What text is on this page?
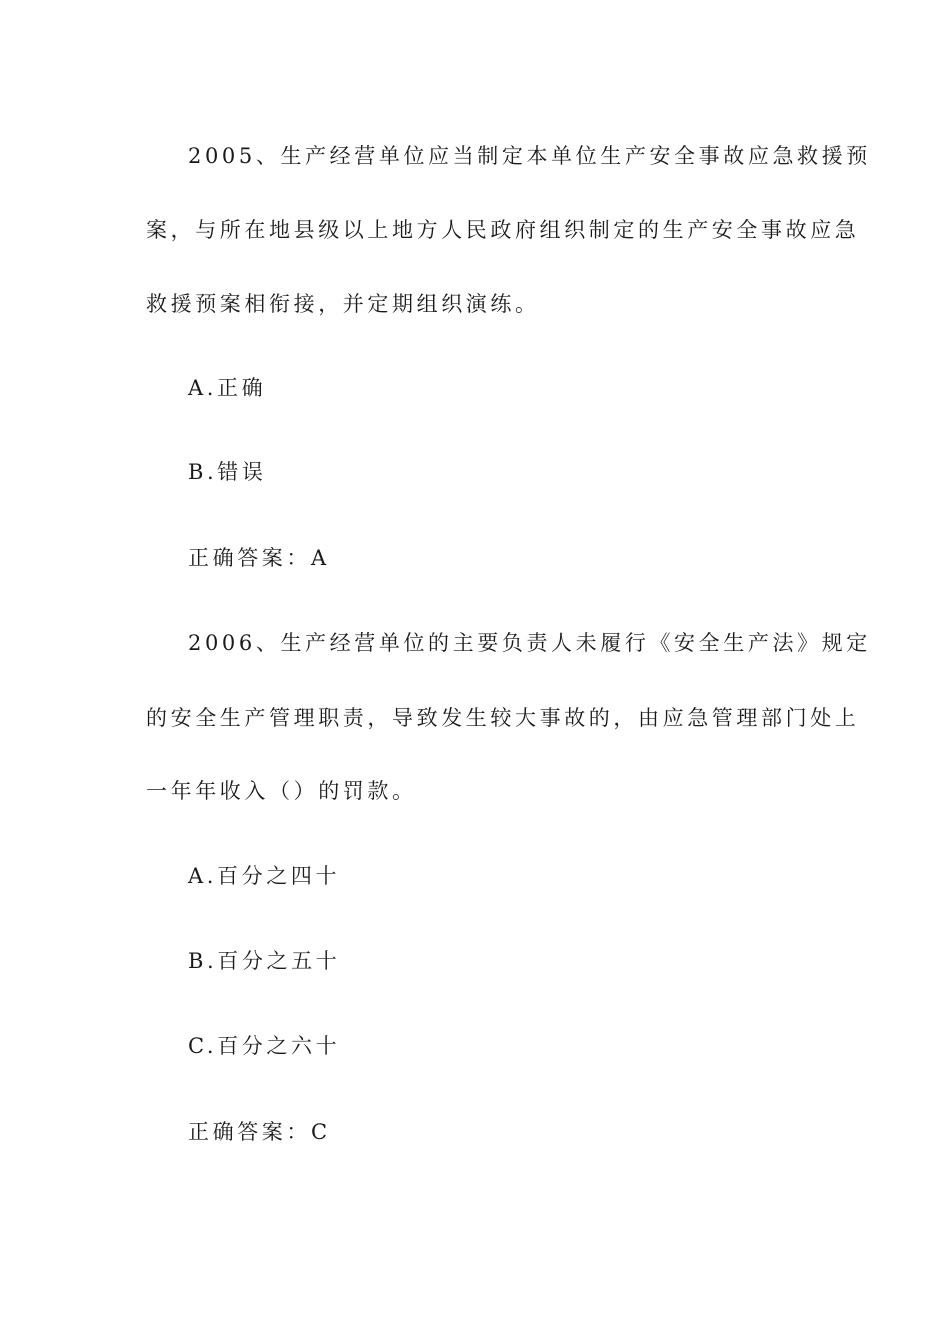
2005、生产经营单位应当制定本单位生产安全事故应急救援预
案，与所在地县级以上地方人民政府组织制定的生产安全事故应急
救援预案相衔接，并定期组织演练。
A.正确
B.错误
正确答案：A
2006、生产经营单位的主要负责人未履行《安全生产法》规定
的安全生产管理职责，导致发生较大事故的，由应急管理部门处上
一年年收入（）的罚款。
A.百分之四十
B.百分之五十
C.百分之六十
正确答案：C
